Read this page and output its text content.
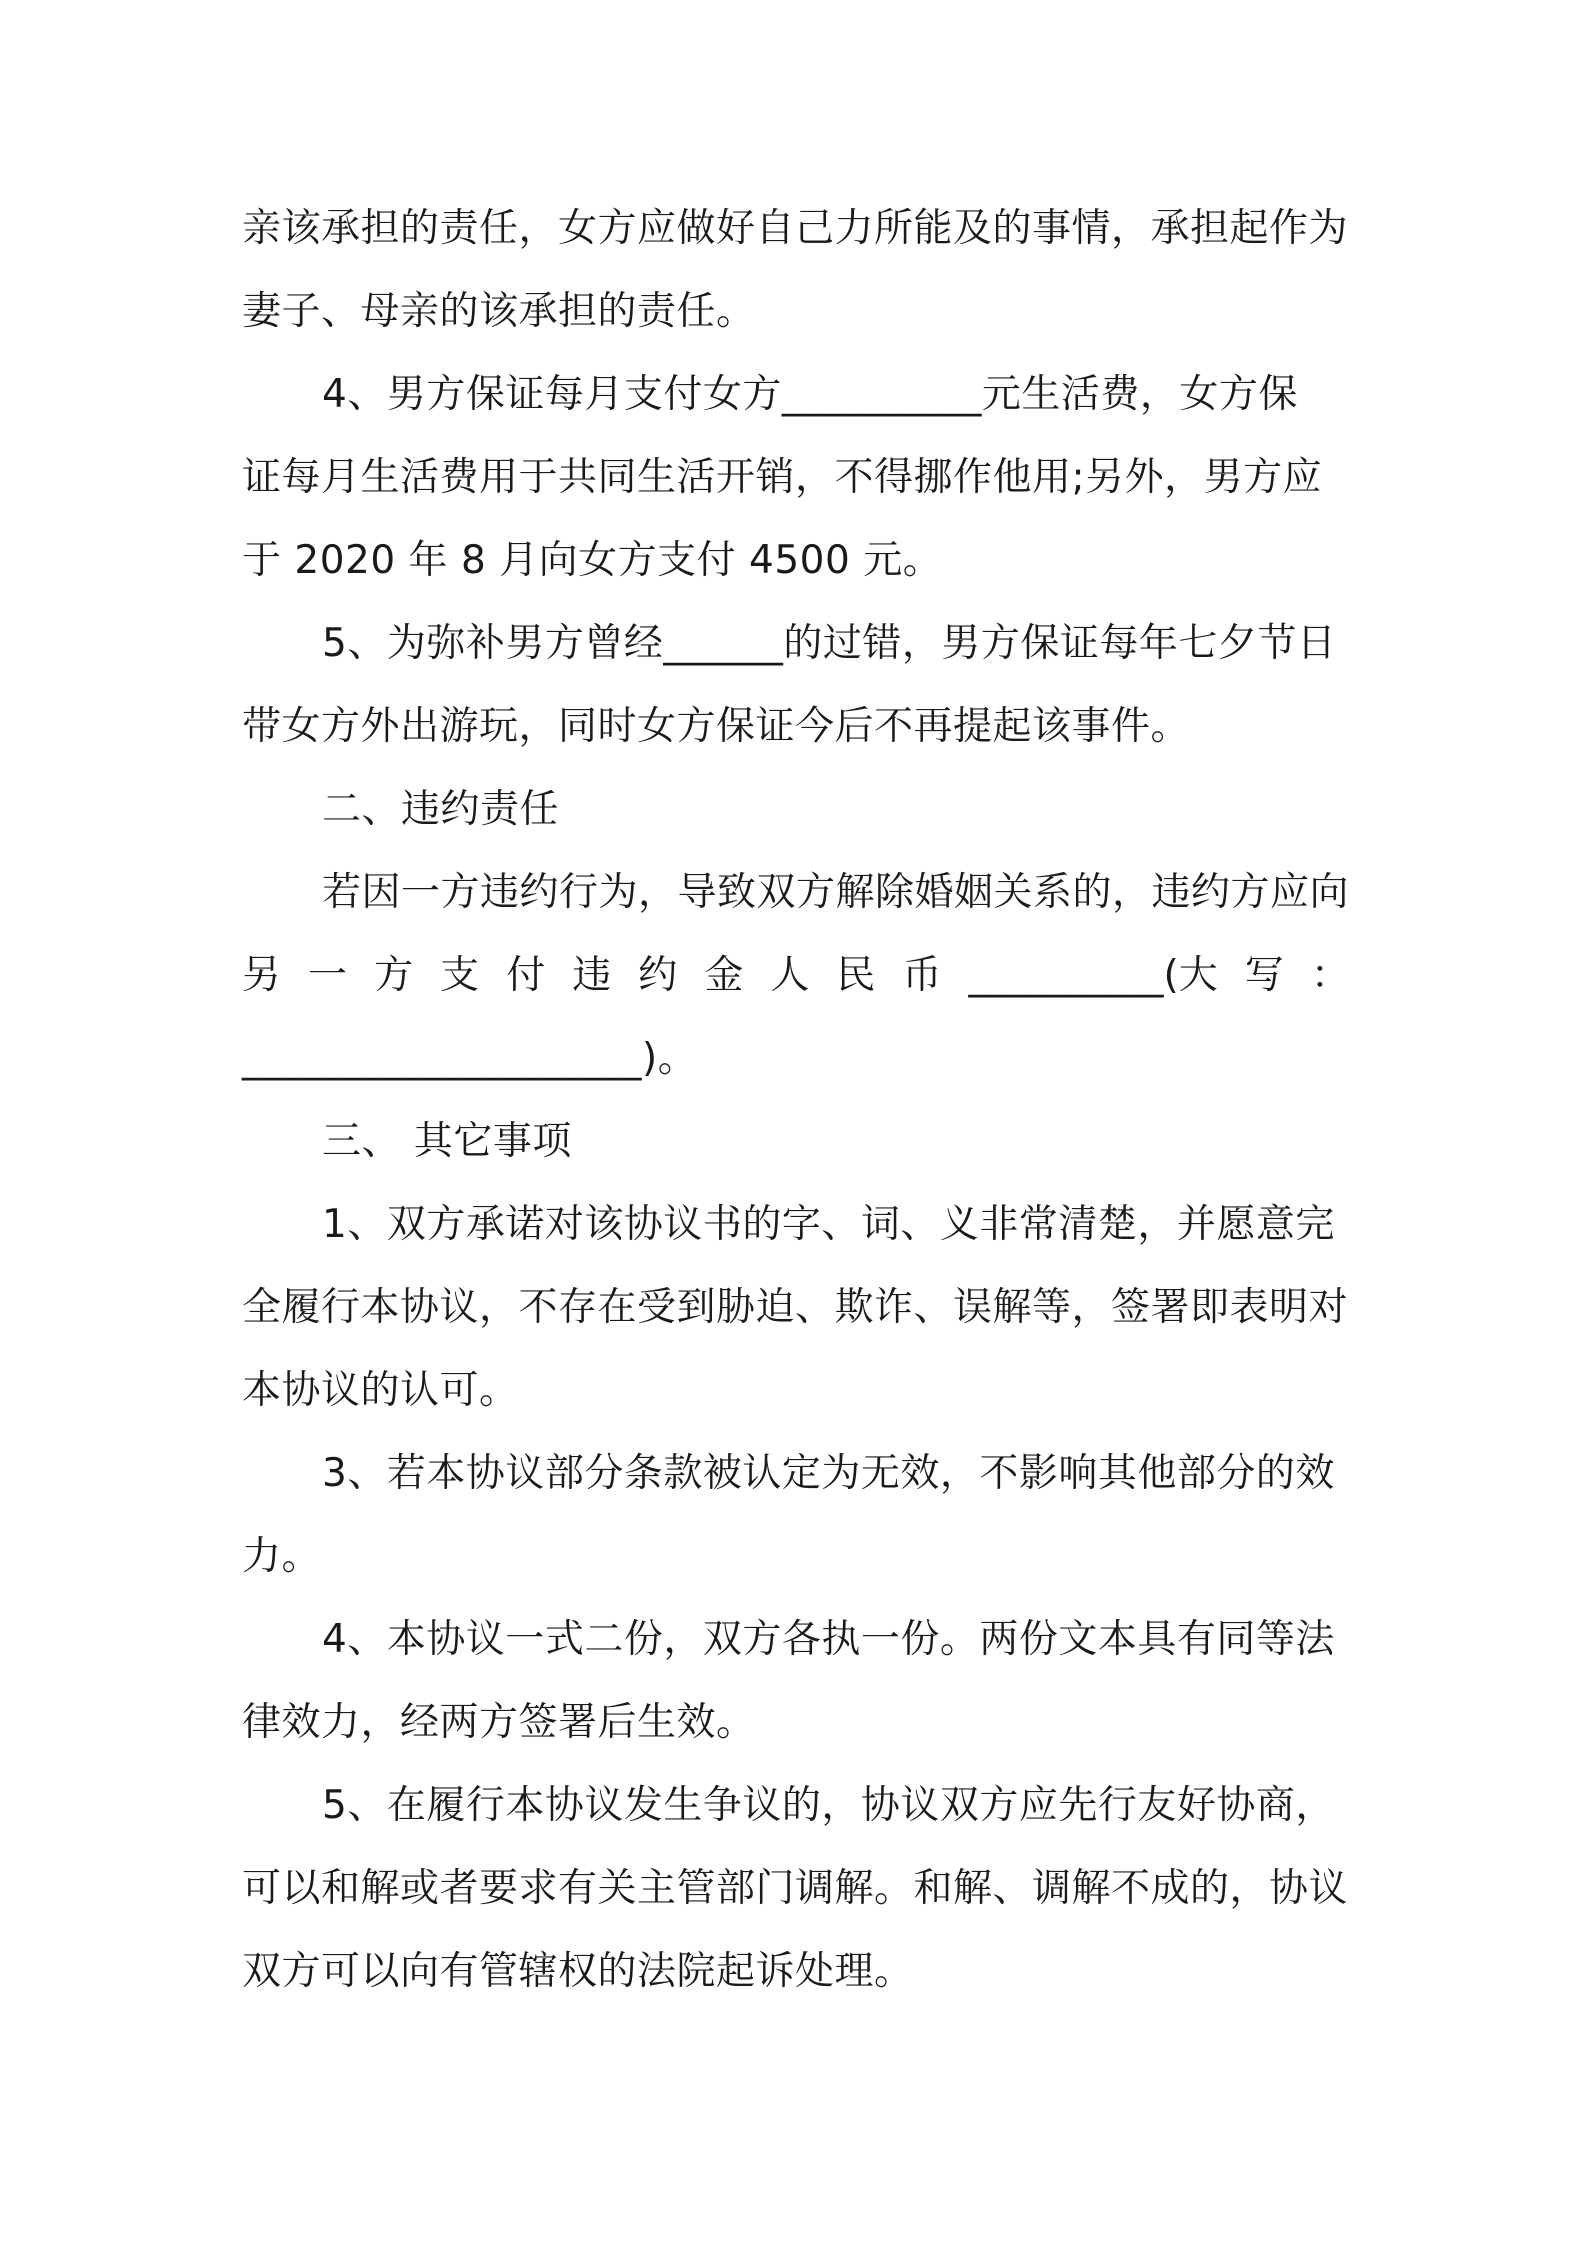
亲该承担的责任，女方应做好自己力所能及的事情，承担起作为

妻子、母亲的该承担的责任。

4、男方保证每月支付女方__________元生活费，女方保

证每月生活费用于共同生活开销，不得挪作他用;另外，男方应

于 2020 年 8 月向女方支付 4500 元。

5、为弥补男方曾经______的过错，男方保证每年七夕节日

带女方外出游玩，同时女方保证今后不再提起该事件。

二、违约责任

若因一方违约行为，导致双方解除婚姻关系的，违约方应向

另 一 方 支 付 违 约 金 人 民 币 __________(大 写 ：

____________________)。

三、 其它事项

1、双方承诺对该协议书的字、词、义非常清楚，并愿意完

全履行本协议，不存在受到胁迫、欺诈、误解等，签署即表明对

本协议的认可。

3、若本协议部分条款被认定为无效，不影响其他部分的效

力。

4、本协议一式二份，双方各执一份。两份文本具有同等法

律效力，经两方签署后生效。

5、在履行本协议发生争议的，协议双方应先行友好协商，

可以和解或者要求有关主管部门调解。和解、调解不成的，协议

双方可以向有管辖权的法院起诉处理。
